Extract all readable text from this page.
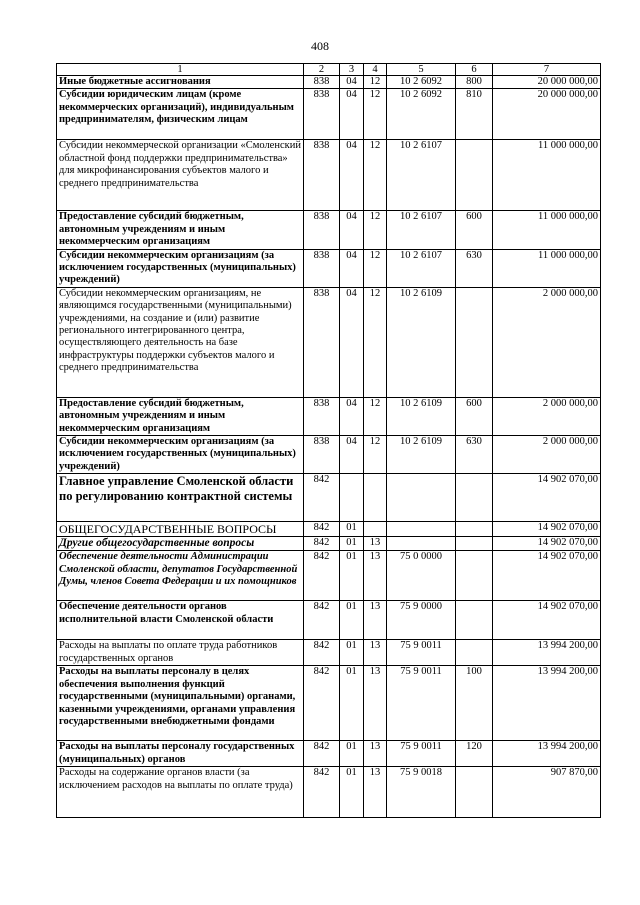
408
1	2	3	4	5	6	7
Иные бюджетные ассигнования	838	04	12	10 2 6092	800	20 000 000,00
Субсидии юридическим лицам (кроме некоммерческих организаций), индивидуальным предпринимателям, физическим лицам	838	04	12	10 2 6092	810	20 000 000,00
Субсидии некоммерческой организации «Смоленский областной фонд поддержки предпринимательства» для микрофинансирования субъектов малого и среднего предпринимательства	838	04	12	10 2 6107		11 000 000,00
Предоставление субсидий бюджетным, автономным учреждениям и иным некоммерческим организациям	838	04	12	10 2 6107	600	11 000 000,00
Субсидии некоммерческим организациям (за исключением государственных (муниципальных) учреждений)	838	04	12	10 2 6107	630	11 000 000,00
Субсидии некоммерческим организациям, не являющимся государственными (муниципальными) учреждениями, на создание и (или) развитие регионального интегрированного центра, осуществляющего деятельность на базе инфраструктуры поддержки субъектов малого и среднего предпринимательства	838	04	12	10 2 6109		2 000 000,00
Предоставление субсидий бюджетным, автономным учреждениям и иным некоммерческим организациям	838	04	12	10 2 6109	600	2 000 000,00
Субсидии некоммерческим организациям (за исключением государственных (муниципальных) учреждений)	838	04	12	10 2 6109	630	2 000 000,00
Главное управление Смоленской области по регулированию контрактной системы	842					14 902 070,00
ОБЩЕГОСУДАРСТВЕННЫЕ ВОПРОСЫ	842	01				14 902 070,00
Другие общегосударственные вопросы	842	01	13			14 902 070,00
Обеспечение деятельности Администрации Смоленской области, депутатов Государственной Думы, членов Совета Федерации и их помощников	842	01	13	75 0 0000		14 902 070,00
Обеспечение деятельности органов исполнительной власти Смоленской области	842	01	13	75 9 0000		14 902 070,00
Расходы на выплаты по оплате труда работников государственных органов	842	01	13	75 9 0011		13 994 200,00
Расходы на выплаты персоналу в целях обеспечения выполнения функций государственными (муниципальными) органами, казенными учреждениями, органами управления государственными внебюджетными фондами	842	01	13	75 9 0011	100	13 994 200,00
Расходы на выплаты персоналу государственных (муниципальных) органов	842	01	13	75 9 0011	120	13 994 200,00
Расходы на содержание органов власти (за исключением расходов на выплаты по оплате труда)	842	01	13	75 9 0018		907 870,00
